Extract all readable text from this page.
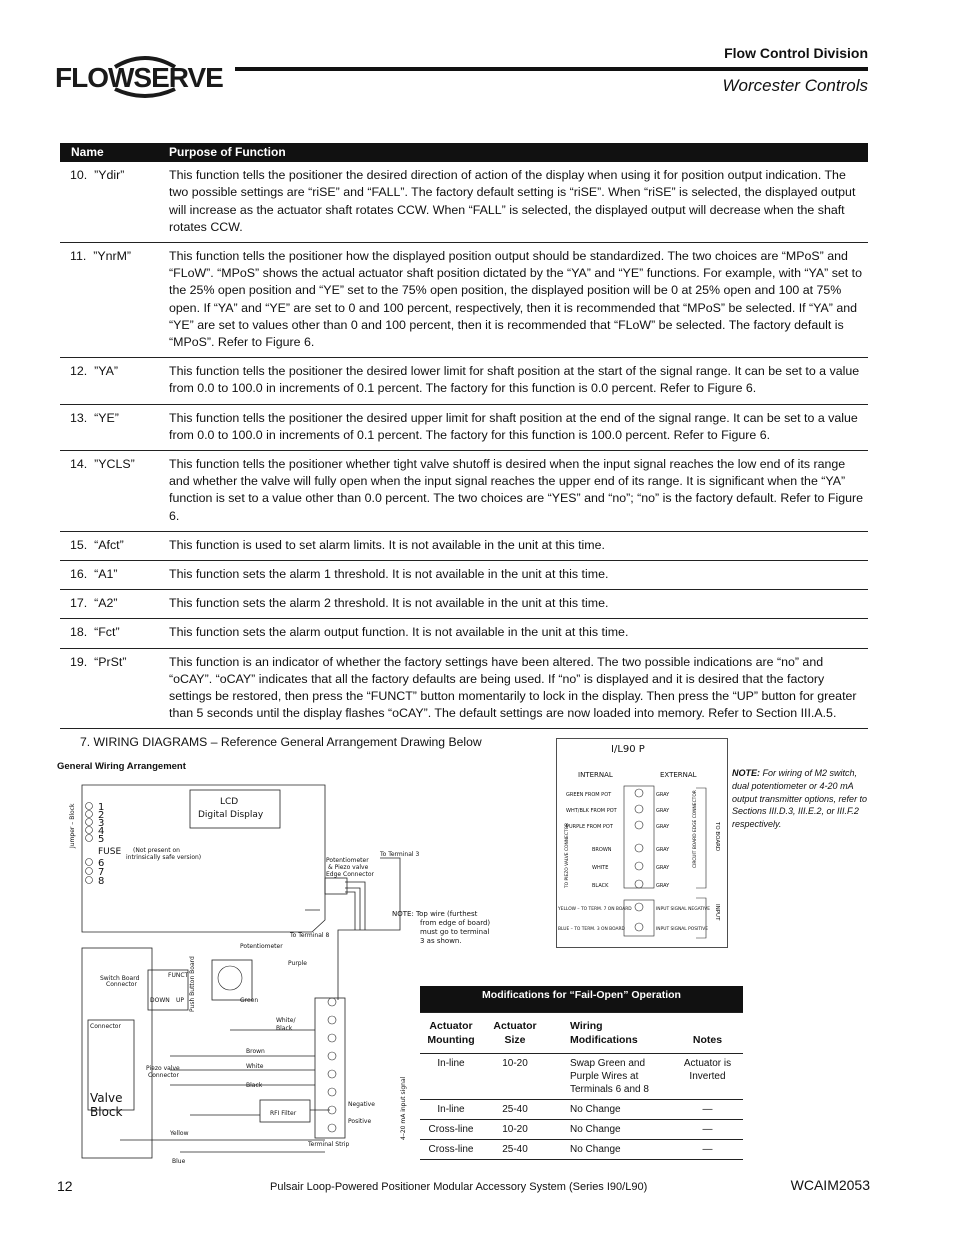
FLOWSERVE
Flow Control Division
Worcester Controls
Name	Purpose of Function
10.  ”Ydir”	This function tells the positioner the desired direction of action of the display when using it for position output indication. The two possible settings are “riSE” and “FALL”. The factory default setting is “riSE”. When “riSE” is selected, the displayed output will increase as the actuator shaft rotates CCW. When “FALL” is selected, the displayed output will decrease when the shaft rotates CCW.
11.  ”YnrM”	This function tells the positioner how the displayed position output should be standardized. The two choices are “MPoS” and “FLoW”. “MPoS” shows the actual actuator shaft position dictated by the “YA” and “YE” functions. For example, with “YA” set to the 25% open position and “YE” set to the 75% open position, the displayed position will be 0 at 25% open and 100 at 75% open. If “YA” and “YE” are set to 0 and 100 percent, respectively, then it is recommended that “MPoS” be selected. If “YA” and “YE” are set to values other than 0 and 100 percent, then it is recommended that “FLoW” be selected. The factory default is “MPoS”. Refer to Figure 6.
12.  ”YA”	This function tells the positioner the desired lower limit for shaft position at the start of the signal range. It can be set to a value from 0.0 to 100.0 in increments of 0.1 percent. The factory for this function is 0.0 percent. Refer to Figure 6.
13.  “YE”	This function tells the positioner the desired upper limit for shaft position at the end of the signal range. It can be set to a value from 0.0 to 100.0 in increments of 0.1 percent. The factory for this function is 100.0 percent. Refer to Figure 6.
14.  ”YCLS”	This function tells the positioner whether tight valve shutoff is desired when the input signal reaches the low end of its range and whether the valve will fully open when the input signal reaches the upper end of its range. It is significant when the “YA” function is set to a value other than 0.0 percent. The two choices are “YES” and “no”; “no” is the factory default. Refer to Figure 6.
15.  “Afct”	This function is used to set alarm limits. It is not available in the unit at this time.
16.  “A1”	This function sets the alarm 1 threshold. It is not available in the unit at this time.
17.  “A2”	This function sets the alarm 2 threshold. It is not available in the unit at this time.
18.  “Fct”	This function sets the alarm output function. It is not available in the unit at this time.
19.  “PrSt”	This function is an indicator of whether the factory settings have been altered. The two possible indications are “no” and “oCAY”. “oCAY” indicates that all the factory defaults are being used. If “no” is displayed and it is desired that the factory settings be restored, then press the “FUNCT” button momentarily to lock in the display. Then press the “UP” button for greater than 5 seconds until the display flashes “oCAY”. The default settings are now loaded into memory. Refer to Section III.A.5.
7. WIRING DIAGRAMS – Reference General Arrangement Drawing Below
General Wiring Arrangement
LCD
Digital Display
1
2
3
4
5
6
7
8
Jumper – Block
FUSE (Not present on
intrinsically safe version)	Potentiometer
& Piezo valve
Edge Connector
To Terminal 3
To Terminal 8
NOTE: Top wire (furthest
from edge of board)
must go to terminal
3 as shown.
Potentiometer
Purple
Green
Switch Board
Connector
FUNCT
DOWN UP Push Button Board
White/
Black
Connector
Brown
Piezo valve
Connector
White
Black
Valve
Block	RFI Filter
Negative
Positive	4–20 mA input signal
Yellow
Blue
Terminal Strip
I/L90 P
INTERNAL	EXTERNAL
GREEN FROM POT	GRAY
WHT/BLK FROM POT	GRAY
PURPLE FROM POT	GRAY
BROWN	GRAY
WHITE	GRAY
BLACK	GRAY
YELLOW – TO TERM. 7 ON BOARD	INPUT SIGNAL NEGATIVE
BLUE – TO TERM. 3 ON BOARD	INPUT SIGNAL POSITIVE
TO PIEZO VALVE CONNECTOR	CIRCUIT BOARD EDGE CONNECTOR	TO BOARD
INPUT
NOTE: For wiring of M2 switch, dual potentiometer or 4-20 mA output transmitter options, refer to Sections III.D.3, III.E.2, or III.F.2 respectively.
Modifications for “Fail-Open” Operation			
Actuator Mounting	Actuator Size	Wiring Modifications	Notes
In-line	10-20	Swap Green and Purple Wires at Terminals 6 and 8	Actuator is Inverted
In-line	25-40	No Change	—
Cross-line	10-20	No Change	—
Cross-line	25-40	No Change	—
12	Pulsair Loop-Powered Positioner Modular Accessory System (Series I90/L90)	WCAIM2053
